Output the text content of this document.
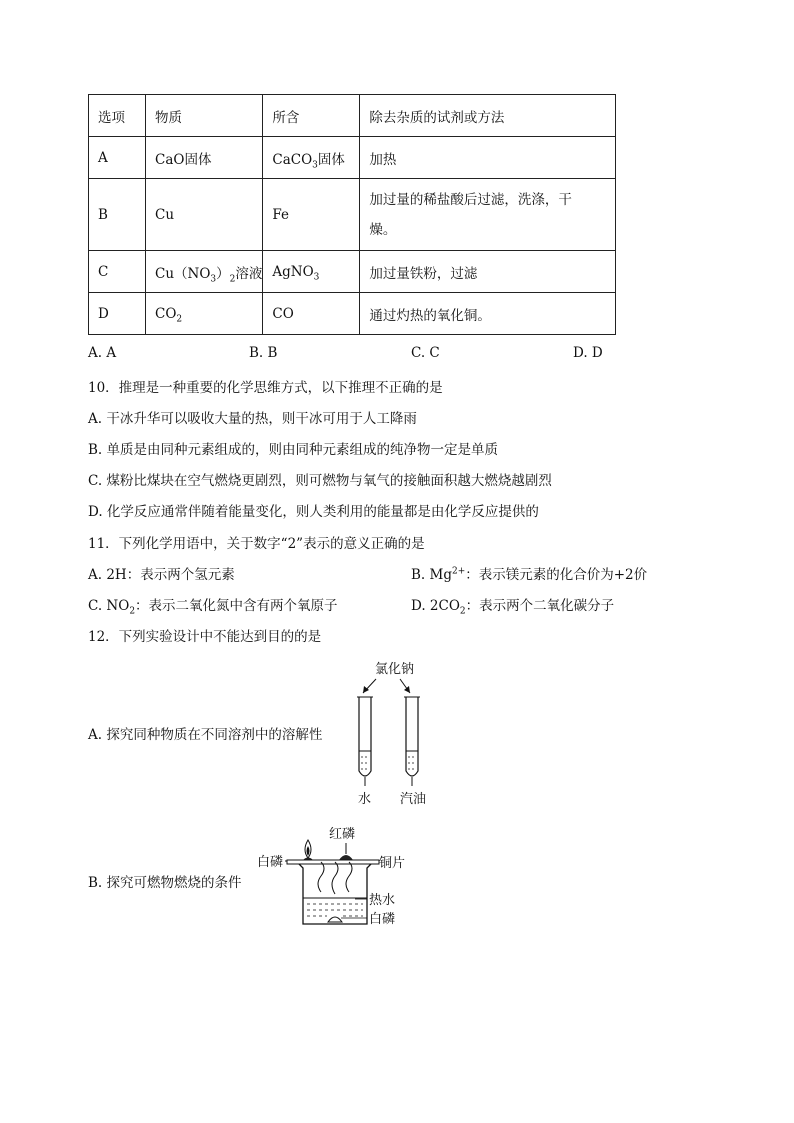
选项	物质	所含	除去杂质的试剂或方法
A	CaO固体	CaCO$_3$固体	加热
B	Cu	Fe	加过量的稀盐酸后过滤，洗涤，干燥。
C	$Cu(NO_3)_2$溶液	AgNO$_3$	加过量铁粉，过滤
D	$CO_2$	CO	通过灼热的氧化铜。
A. A	B. B	C. C	D. D
10．推理是一种重要的化学思维方式，以下推理不正确的是
A. 干冰升华可以吸收大量的热，则干冰可用于人工降雨
B. 单质是由同种元素组成的，则由同种元素组成的纯净物一定是单质
C. 煤粉比煤块在空气燃烧更剧烈，则可燃物与氧气的接触面积越大燃烧越剧烈
D. 化学反应通常伴随着能量变化，则人类利用的能量都是由化学反应提供的
11．下列化学用语中，关于数字“2”表示的意义正确的是
A. 2H：表示两个氢元素	B. $Mg^{2+}$：表示镁元素的化合价为+2价
C. $NO_2$：表示二氧化氮中含有两个氧原子	D. $2CO_2$：表示两个二氧化碳分子
12．下列实验设计中不能达到目的的是
A. 探究同种物质在不同溶剂中的溶解性
B. 探究可燃物燃烧的条件
氯化钠
水 汽油
红磷
白磷	铜片
热水
白磷
